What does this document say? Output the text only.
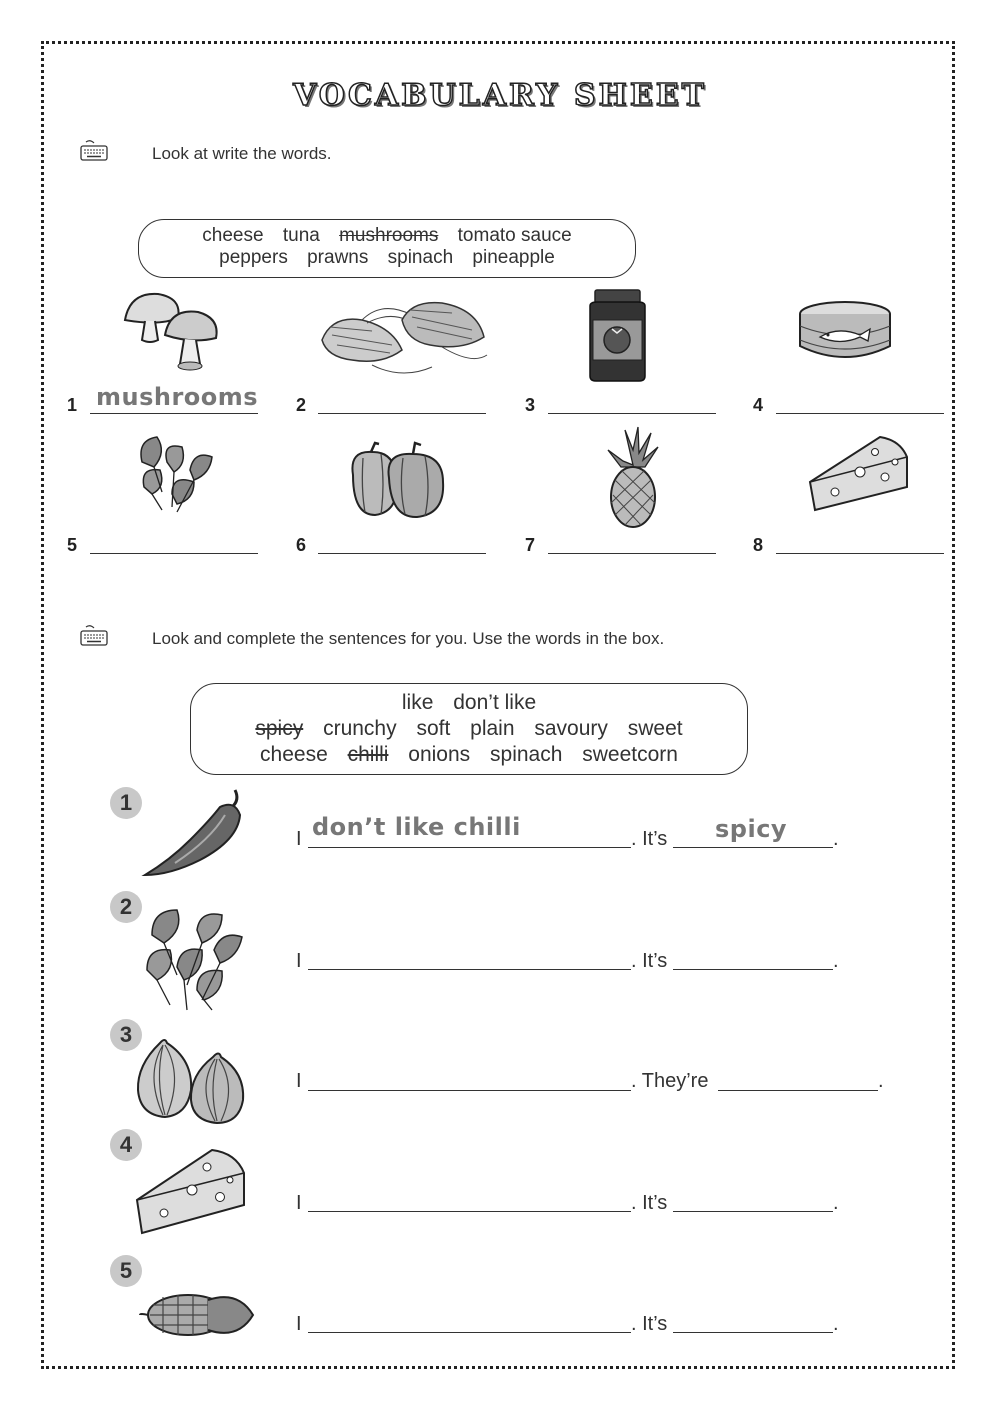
VOCABULARY SHEET
Look at write the words.
cheese tuna mushrooms tomato sauce
peppers prawns spinach pineapple
1 mushrooms 2	3	4
5	6	7	8
Look and complete the sentences for you. Use the words in the box.
like don’t like
spicy crunchy soft plain savoury sweet
cheese chilli onions spinach sweetcorn
1
I don’t like chilli	. It’s spicy .
2
I	. It’s	.
3
I	. They’re	.
4
I	. It’s	.
5
I	. It’s	.
